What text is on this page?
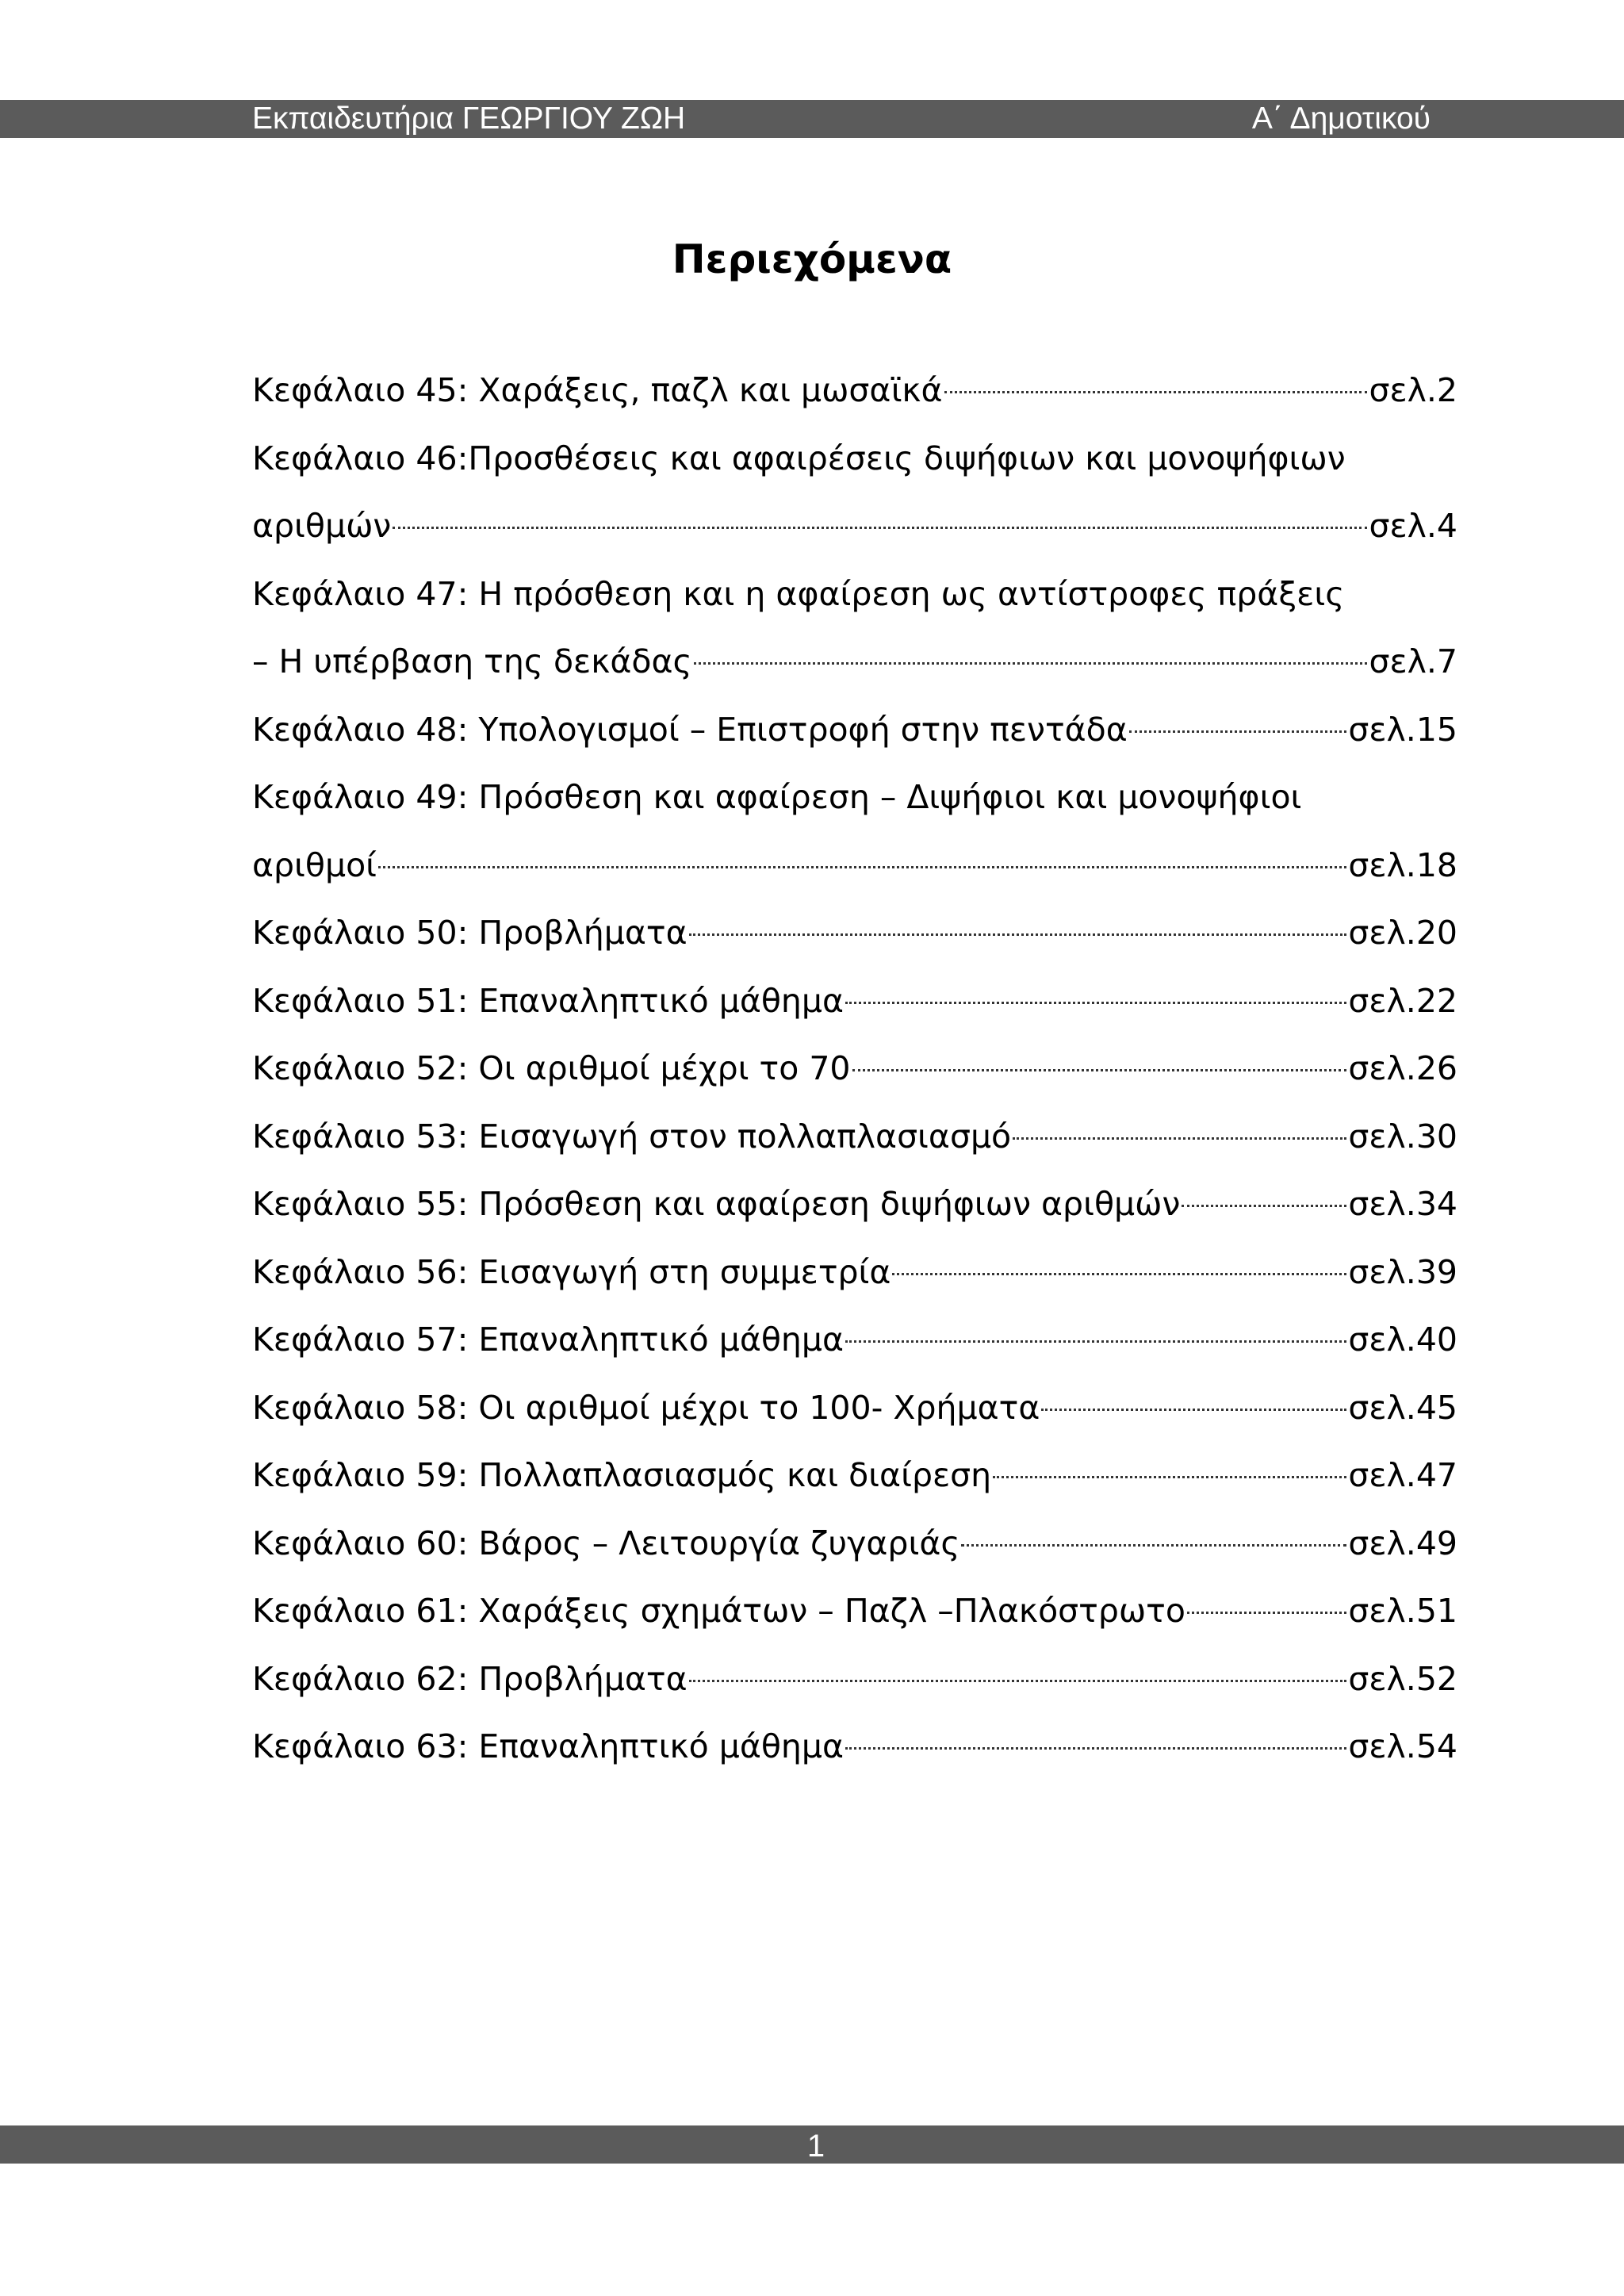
Εκπαιδευτήρια ΓΕΩΡΓΙΟΥ ΖΩΗ	Α΄ Δημοτικού
Περιεχόμενα
Κεφάλαιο 45: Χαράξεις, παζλ και μωσαϊκά	σελ.2
Κεφάλαιο 46:Προσθέσεις και αφαιρέσεις διψήφιων και μονοψήφιων
αριθμών	σελ.4
Κεφάλαιο 47: Η πρόσθεση και η αφαίρεση ως αντίστροφες πράξεις
– Η υπέρβαση της δεκάδας	σελ.7
Κεφάλαιο 48: Υπολογισμοί – Επιστροφή στην πεντάδα	σελ.15
Κεφάλαιο 49: Πρόσθεση και αφαίρεση – Διψήφιοι και μονοψήφιοι
αριθμοί	σελ.18
Κεφάλαιο 50: Προβλήματα	σελ.20
Κεφάλαιο 51: Επαναληπτικό μάθημα	σελ.22
Κεφάλαιο 52: Οι αριθμοί μέχρι το 70	σελ.26
Κεφάλαιο 53: Εισαγωγή στον πολλαπλασιασμό	σελ.30
Κεφάλαιο 55: Πρόσθεση και αφαίρεση διψήφιων αριθμών	σελ.34
Κεφάλαιο 56: Εισαγωγή στη συμμετρία	σελ.39
Κεφάλαιο 57: Επαναληπτικό μάθημα	σελ.40
Κεφάλαιο 58: Οι αριθμοί μέχρι το 100- Χρήματα	σελ.45
Κεφάλαιο 59: Πολλαπλασιασμός και διαίρεση	σελ.47
Κεφάλαιο 60: Βάρος – Λειτουργία ζυγαριάς	σελ.49
Κεφάλαιο 61: Χαράξεις σχημάτων – Παζλ –Πλακόστρωτο	σελ.51
Κεφάλαιο 62: Προβλήματα	σελ.52
Κεφάλαιο 63: Επαναληπτικό μάθημα	σελ.54
1
